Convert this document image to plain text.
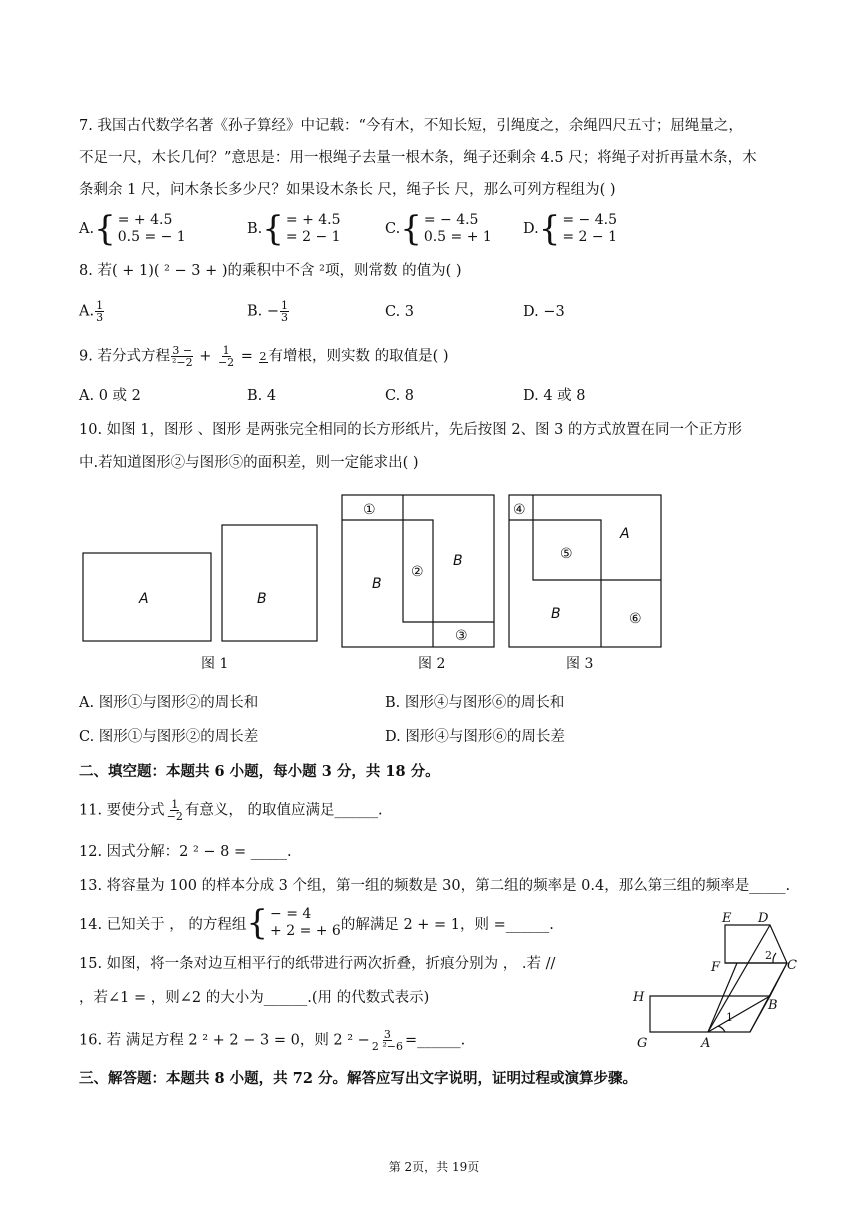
7. 我国古代数学名著《孙子算经》中记载：“今有木，不知长短，引绳度之，余绳四尺五寸；屈绳量之，
不足一尺，木长几何？”意思是：用一根绳子去量一根木条，绳子还剩余 4.5 尺；将绳子对折再量木条，木
条剩余 1 尺，问木条长多少尺？如果设木条长 尺，绳子长 尺，那么可列方程组为( )
A. { = + 4.5
0.5 = − 1	B. { = + 4.5
= 2 − 1	C. { = − 4.5
0.5 = + 1 D. { = − 4.5
= 2 − 1
8. 若( + 1)( ² − 3 + )的乘积中不含 ²项，则常数 的值为( )
A. $\frac{1}{3}$	B. − $\frac{1}{3}$	C. 3	D. −3
9. 若分式方程 $\frac{3 -}{\text{²−2}} + \frac{1}{-2} = 2$ 有增根，则实数 的取值是( )
A. 0 或 2	B. 4	C. 8	D. 4 或 8
10. 如图 1，图形 、图形 是两张完全相同的长方形纸片，先后按图 2、图 3 的方式放置在同一个正方形
中.若知道图形②与图形⑤的面积差，则一定能求出( )
A	B
B
B
A
B
①
②
③
④
⑤
⑥
图 1	图 2	图 3
A. 图形①与图形②的周长和	B. 图形④与图形⑥的周长和
C. 图形①与图形②的周长差	D. 图形④与图形⑥的周长差
二、填空题：本题共 6 小题，每小题 3 分，共 18 分。
11. 要使分式 $\frac{1}{-2}$ 有意义， 的取值应满足______.
12. 因式分解：2 ² − 8 = _____.
13. 将容量为 100 的样本分成 3 个组，第一组的频数是 30，第二组的频率是 0.4，那么第三组的频率是_____.
14. 已知关于 ， 的方程组 { − = 4
+ 2 = + 6 的解满足 2 + = 1，则 =______.
15. 如图，将一条对边互相平行的纸带进行两次折叠，折痕分别为 ， .若 //
，若∠1 = ，则∠2 的大小为______.(用 的代数式表示)
E D
F	C
H
B
G	A
1
2
16. 若 满足方程 2 ² + 2 − 3 = 0，则 2 $^2 - \frac{3}{\text{2 ²−6}}$ =______.
三、解答题：本题共 8 小题，共 72 分。解答应写出文字说明，证明过程或演算步骤。
第 2页，共 19页
